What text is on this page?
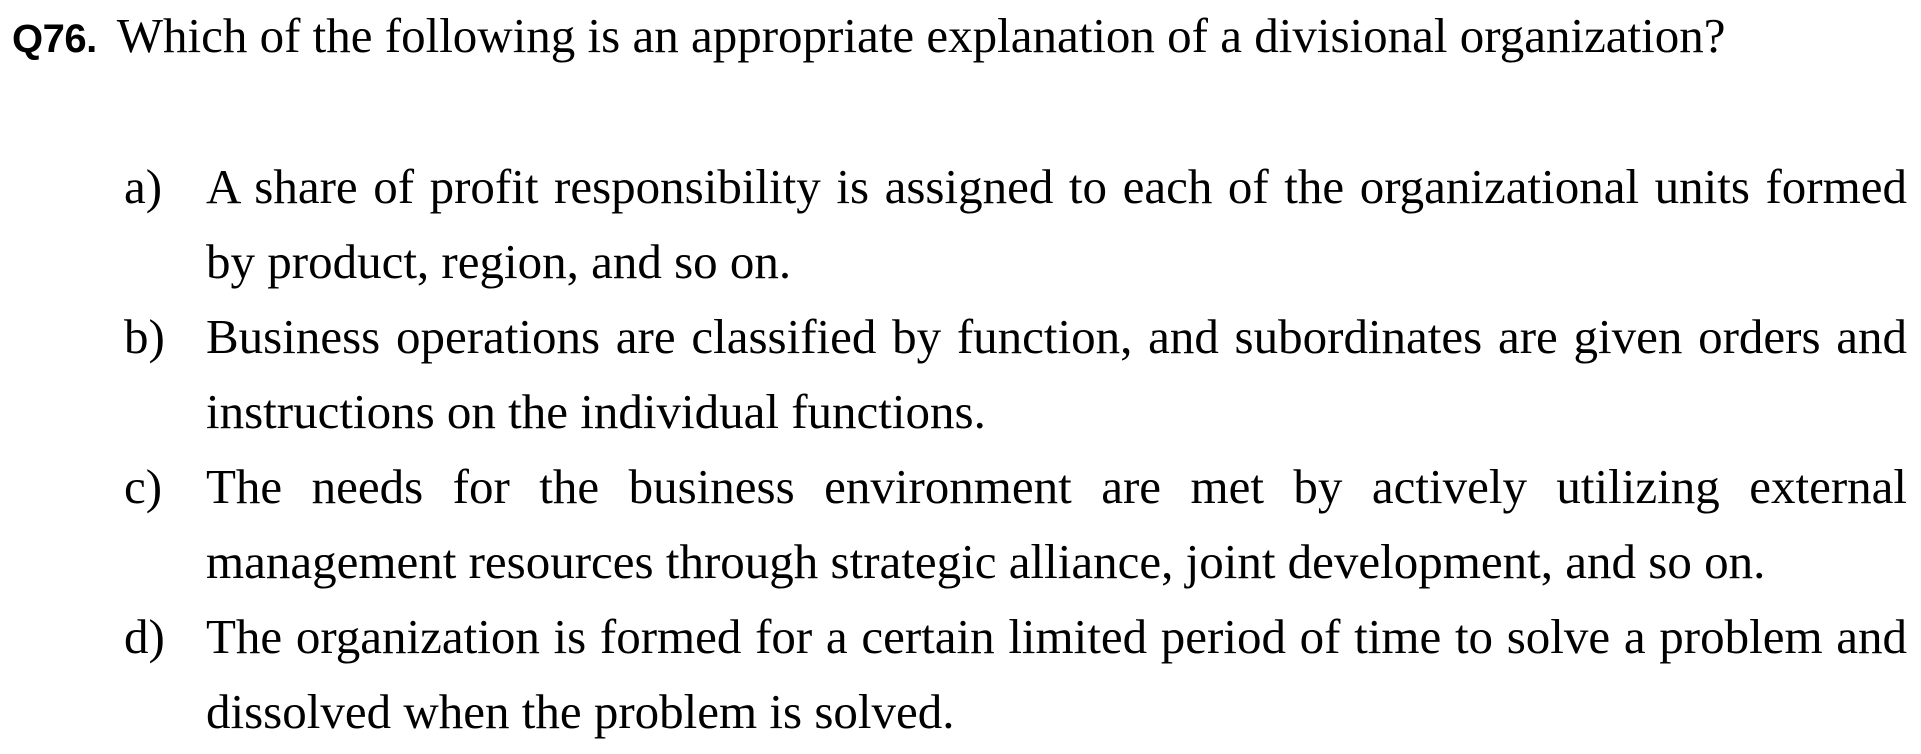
Q76. Which of the following is an appropriate explanation of a divisional organization?
a) A share of profit responsibility is assigned to each of the organizational units formed by product, region, and so on.
b) Business operations are classified by function, and subordinates are given orders and instructions on the individual functions.
c) The needs for the business environment are met by actively utilizing external management resources through strategic alliance, joint development, and so on.
d) The organization is formed for a certain limited period of time to solve a problem and dissolved when the problem is solved.
